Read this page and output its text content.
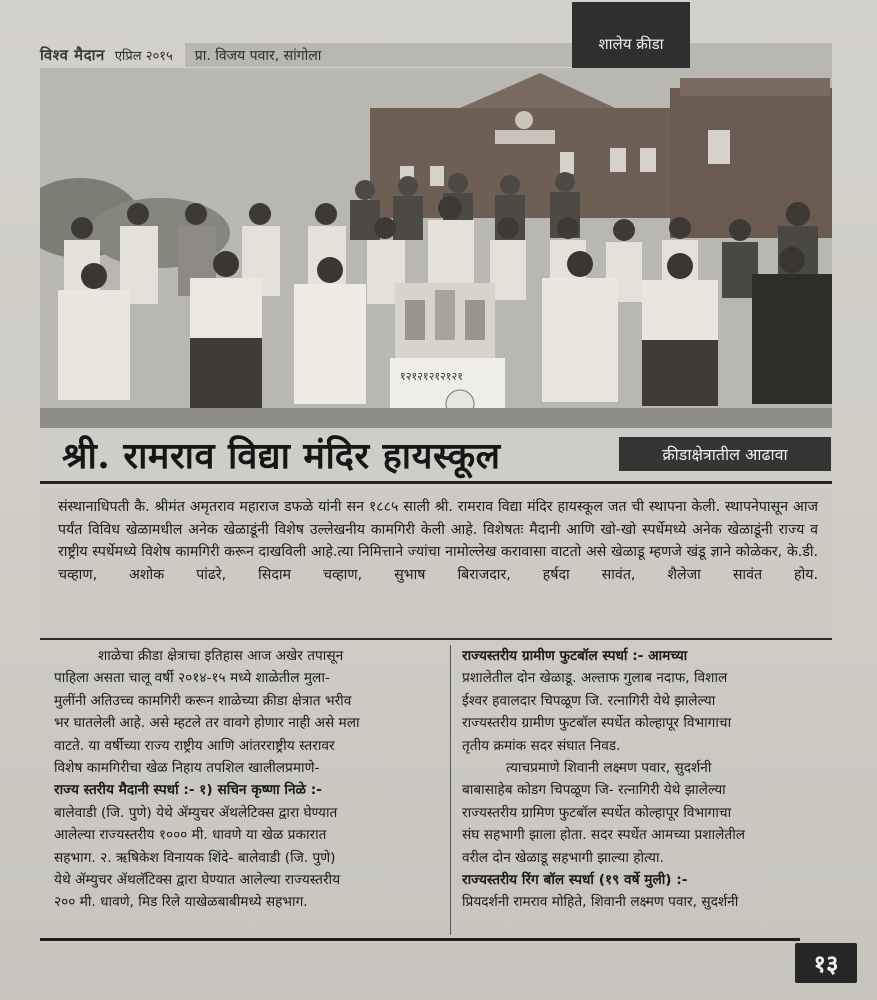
विश्व मैदान एप्रिल २०१५ प्रा. विजय पवार, सांगोला
शालेय क्रीडा
१२१२१२१२१२१
श्री. रामराव विद्या मंदिर हायस्कूल	क्रीडाक्षेत्रातील आढावा

संस्थानाधिपती कै. श्रीमंत अमृतराव महाराज डफळे यांनी सन १८८५ साली श्री. रामराव विद्या मंदिर हायस्कूल जत ची स्थापना केली. स्थापनेपासून आज पर्यंत विविध खेळामधील अनेक खेळाडूंनी विशेष उल्लेखनीय कामगिरी केली आहे. विशेषतः मैदानी आणि खो-खो स्पर्धेमध्ये अनेक खेळाडूंनी राज्य व राष्ट्रीय स्पर्धेमध्ये विशेष कामगिरी करून दाखविली आहे.त्या निमित्ताने ज्यांचा नामोल्लेख करावासा वाटतो असे खेळाडू म्हणजे खंडू ज्ञाने कोळेकर, के.डी. चव्हाण, अशोक पांढरे, सिदाम चव्हाण, सुभाष बिराजदार, हर्षदा सावंत, शैलेजा सावंत होय.

शाळेचा क्रीडा क्षेत्राचा इतिहास आज अखेर तपासून
पाहिला असता चालू वर्षी २०१४-१५ मध्ये शाळेतील मुला-
मुलींनी अतिउच्च कामगिरी करून शाळेच्या क्रीडा क्षेत्रात भरीव
भर घातलेली आहे. असे म्हटले तर वावगे होणार नाही असे मला
वाटते. या वर्षीच्या राज्य राष्ट्रीय आणि आंतरराष्ट्रीय स्तरावर
विशेष कामगिरीचा खेळ निहाय तपशिल खालीलप्रमाणे-
राज्य स्तरीय मैदानी स्पर्धा :- १) सचिन कृष्णा निळे :-
बालेवाडी (जि. पुणे) येथे ॲम्युचर ॲथलेटिक्स द्वारा घेण्यात
आलेल्या राज्यस्तरीय १००० मी. धावणे या खेळ प्रकारात
सहभाग. २. ऋषिकेश विनायक शिंदे- बालेवाडी (जि. पुणे)
येथे ॲम्युचर ॲथलॅटिक्स द्वारा घेण्यात आलेल्या राज्यस्तरीय
२०० मी. धावणे, मिड रिले याखेळबाबीमध्ये सहभाग.
राज्यस्तरीय ग्रामीण फुटबॉल स्पर्धा :- आमच्या
प्रशालेतील दोन खेळाडू. अल्ताफ गुलाब नदाफ, विशाल
ईश्वर हवालदार चिपळूण जि. रत्नागिरी येथे झालेल्या
राज्यस्तरीय ग्रामीण फुटबॉल स्पर्धेत कोल्हापूर विभागाचा
तृतीय क्रमांक सदर संघात निवड.
त्याचप्रमाणे शिवानी लक्ष्मण पवार, सुदर्शनी
बाबासाहेब कोडग चिपळूण जि- रत्नागिरी येथे झालेल्या
राज्यस्तरीय ग्रामिण फुटबॉल स्पर्धेत कोल्हापूर विभागाचा
संघ सहभागी झाला होता. सदर स्पर्धेत आमच्या प्रशालेतील
वरील दोन खेळाडू सहभागी झाल्या होत्या.
राज्यस्तरीय रिंग बॉल स्पर्धा (१९ वर्षे मुली) :-
प्रियदर्शनी रामराव मोहिते, शिवानी लक्ष्मण पवार, सुदर्शनी
१३
